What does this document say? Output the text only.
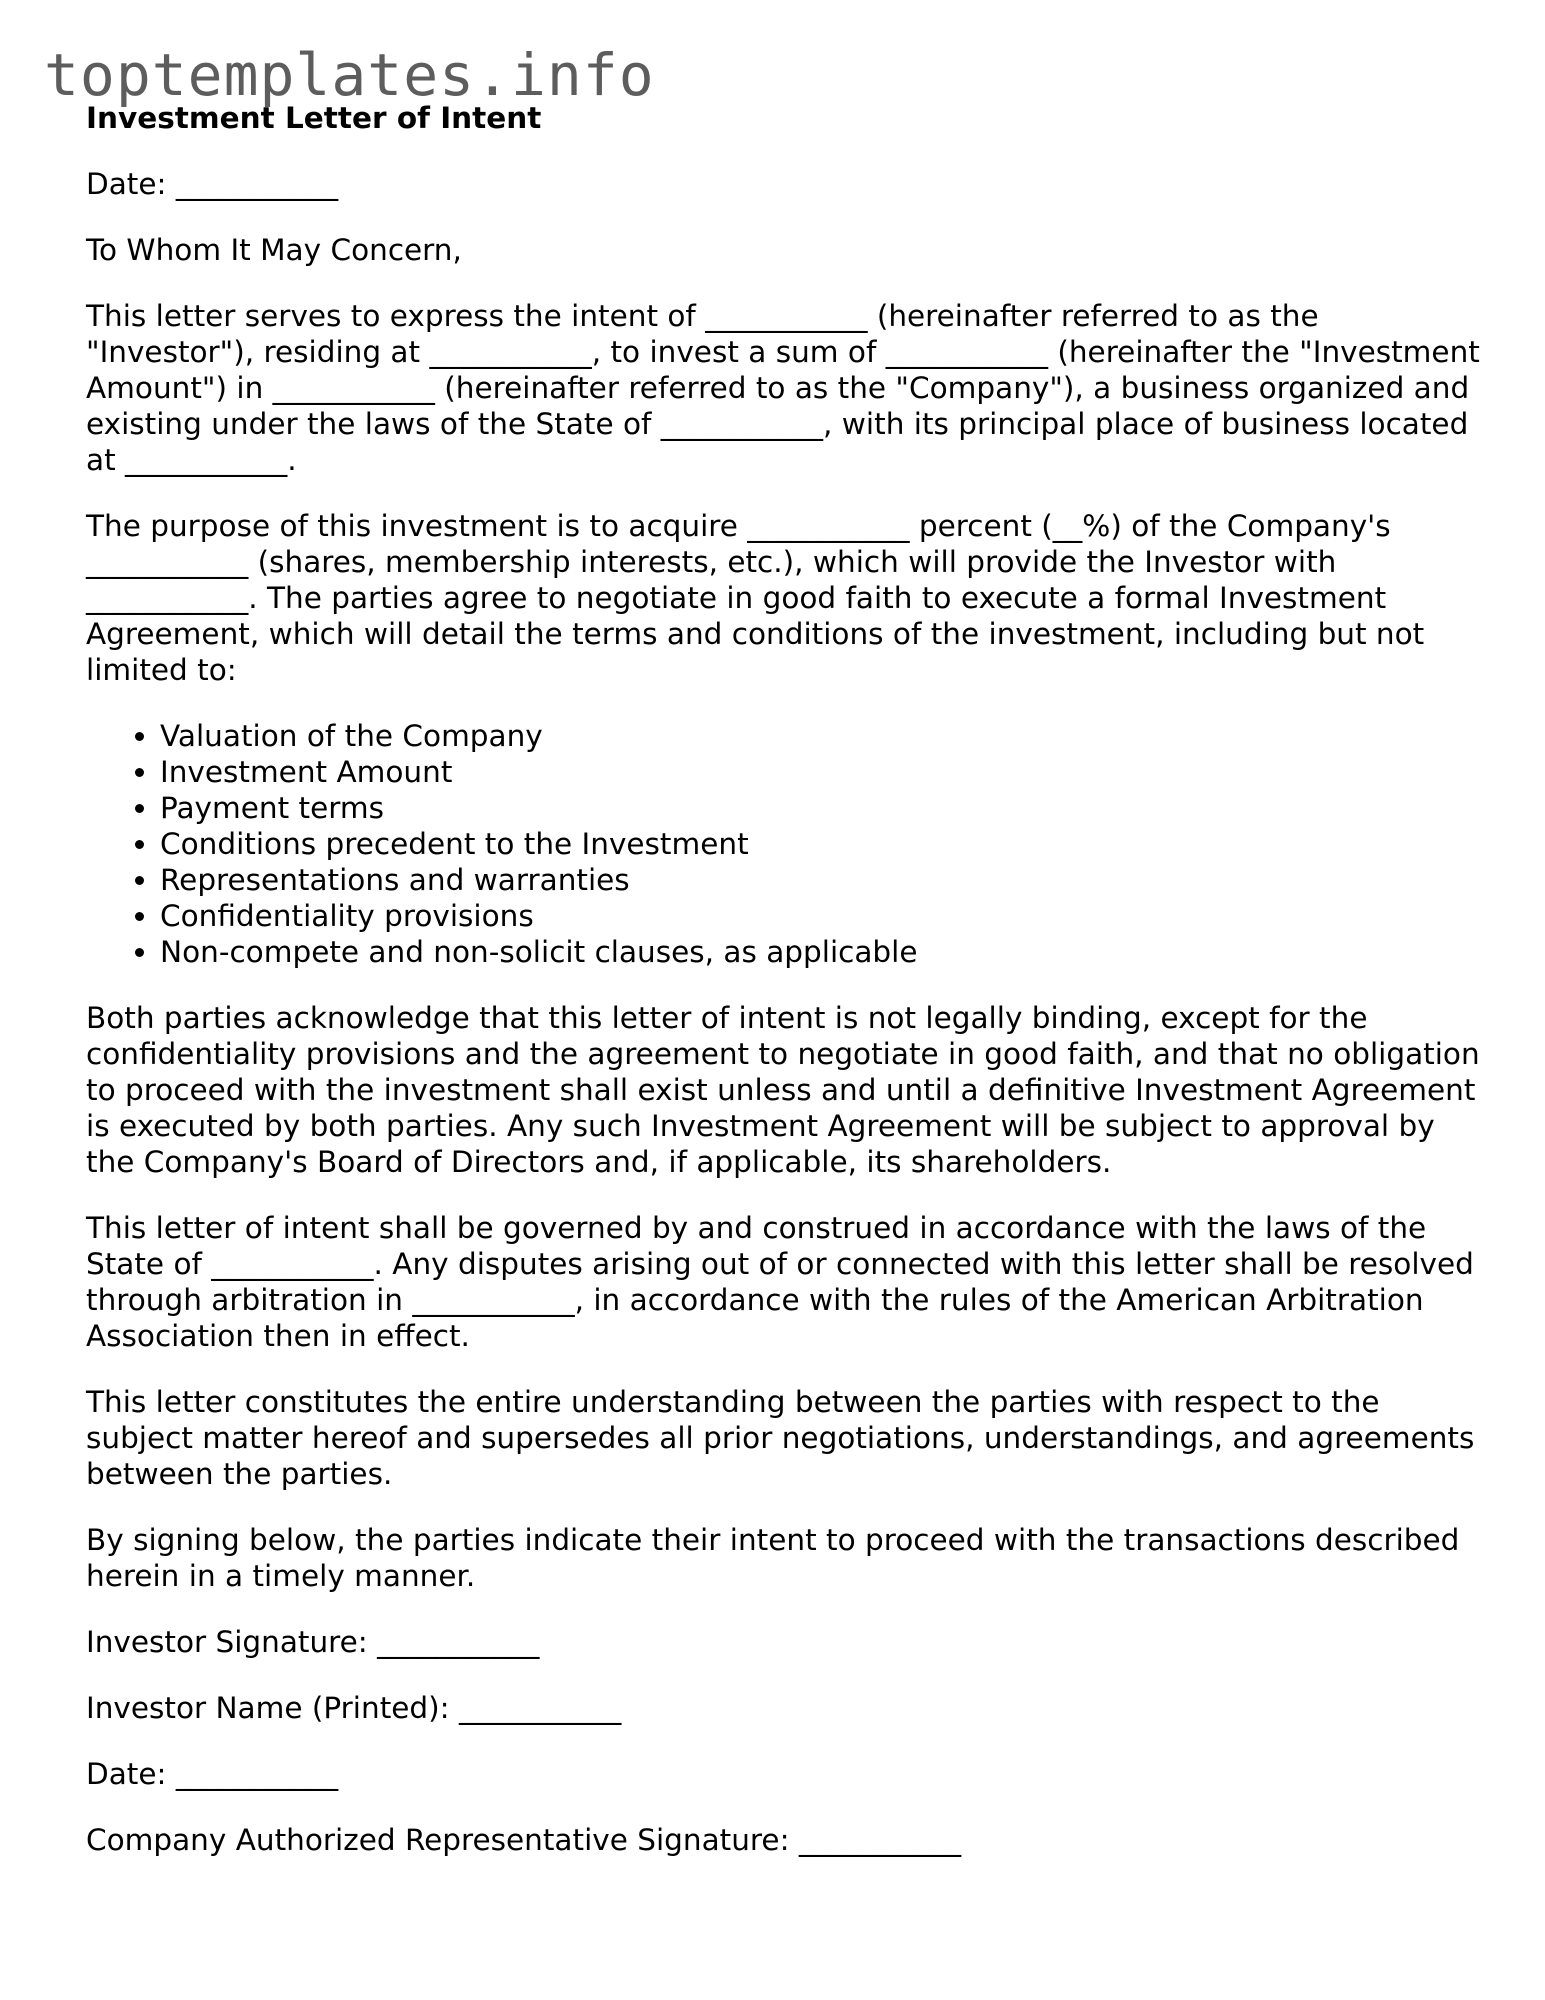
toptemplates.info
Investment Letter of Intent
Date: ___________
To Whom It May Concern,
This letter serves to express the intent of ___________ (hereinafter referred to as the "Investor"), residing at ___________, to invest a sum of ___________ (hereinafter the "Investment Amount") in ___________ (hereinafter referred to as the "Company"), a business organized and existing under the laws of the State of ___________, with its principal place of business located at ___________.
The purpose of this investment is to acquire ___________ percent (__%) of the Company's ___________ (shares, membership interests, etc.), which will provide the Investor with ___________. The parties agree to negotiate in good faith to execute a formal Investment Agreement, which will detail the terms and conditions of the investment, including but not limited to:
• Valuation of the Company
• Investment Amount
• Payment terms
• Conditions precedent to the Investment
• Representations and warranties
• Confidentiality provisions
• Non-compete and non-solicit clauses, as applicable
Both parties acknowledge that this letter of intent is not legally binding, except for the confidentiality provisions and the agreement to negotiate in good faith, and that no obligation to proceed with the investment shall exist unless and until a definitive Investment Agreement is executed by both parties. Any such Investment Agreement will be subject to approval by the Company's Board of Directors and, if applicable, its shareholders.
This letter of intent shall be governed by and construed in accordance with the laws of the State of ___________. Any disputes arising out of or connected with this letter shall be resolved through arbitration in ___________, in accordance with the rules of the American Arbitration Association then in effect.
This letter constitutes the entire understanding between the parties with respect to the subject matter hereof and supersedes all prior negotiations, understandings, and agreements between the parties.
By signing below, the parties indicate their intent to proceed with the transactions described herein in a timely manner.
Investor Signature: ___________
Investor Name (Printed): ___________
Date: ___________
Company Authorized Representative Signature: ___________
